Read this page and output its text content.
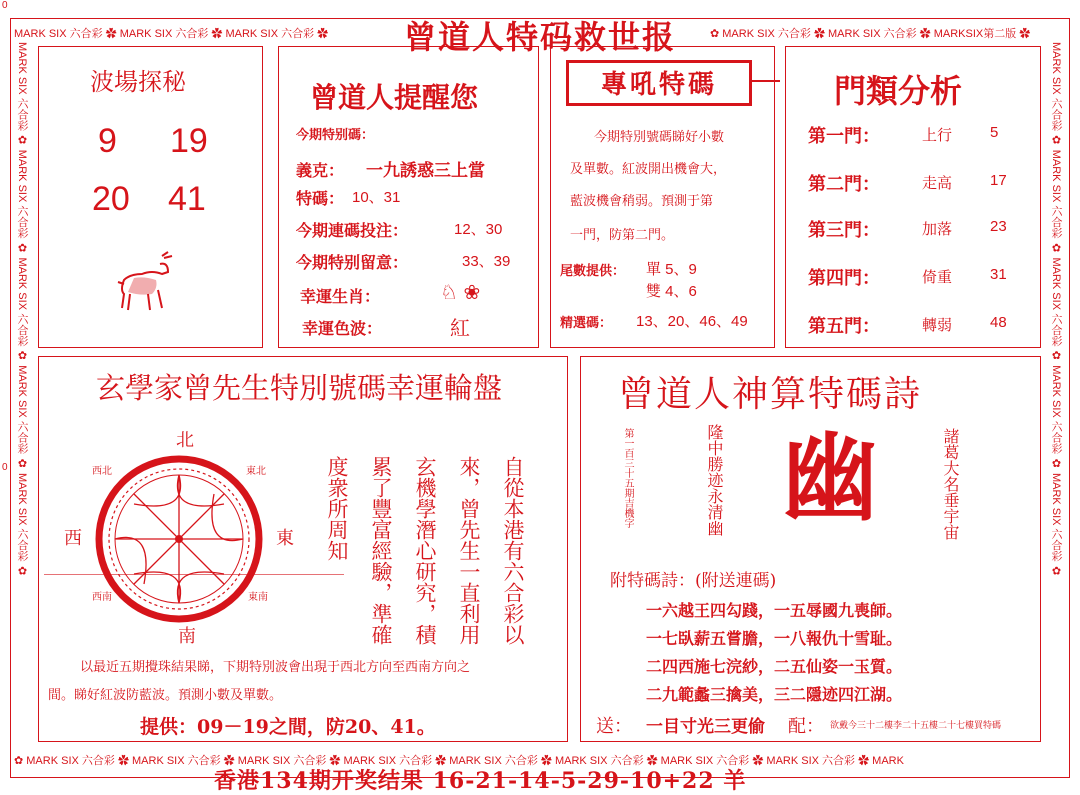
0
0
MARK SIX 六合彩 ✿ MARK SIX 六合彩 ✿ MARK SIX 六合彩 ✿	✿ MARK SIX 六合彩 ✿ MARK SIX 六合彩 ✿ MARKSIX第二版 ✿
曾道人特码救世报
MARK SIX 六合彩 ✿ MARK SIX 六合彩 ✿ MARK SIX 六合彩 ✿ MARK SIX 六合彩 ✿ MARK SIX 六合彩 ✿	MARK SIX 六合彩 ✿ MARK SIX 六合彩 ✿ MARK SIX 六合彩 ✿ MARK SIX 六合彩 ✿ MARK SIX 六合彩 ✿
✿ MARK SIX 六合彩 ✿ MARK SIX 六合彩 ✿ MARK SIX 六合彩 ✿ MARK SIX 六合彩 ✿ MARK SIX 六合彩 ✿ MARK SIX 六合彩 ✿ MARK SIX 六合彩 ✿ MARK SIX 六合彩 ✿ MARK
波場探秘
9 19
20 41
曾道人提醒您
今期特别碼：
義克： 一九誘惑三上當
特碼： 10、31
今期連碼投注：	12、30
今期特别留意：	33、39
幸運生肖：	♘ ❀
幸運色波：	紅
專吼特碼
今期特別號碼睇好小數
及單數。紅波開出機會大，
藍波機會稍弱。預測于第
一門，防第二門。
尾數提供： 單 5、9
雙 4、6
精選碼： 13、20、46、49
門類分析
第一門：	上行	5
第二門：	走高	17
第三門：	加落	23
第四門：	倚重	31
第五門：	轉弱	48
玄學家曾先生特別號碼幸運輪盤
北
南
東
西
西北	東北
西南	東南	自從本港有六合彩以
來，曾先生一直利用
玄機學潛心研究，積
累了豐富經驗，準確
度衆所周知
以最近五期攪珠結果睇，下期特別波會出現于西北方向至西南方向之
間。睇好紅波防藍波。預測小數及單數。
提供：09－19之間，防20、41。
曾道人神算特碼詩
第一百三十五期吉機字	隆中勝迹永清幽	諸葛大名垂宇宙
幽
附特碼詩：(附送連碼)
一六越王四勾踐，一五辱國九喪師。
一七臥薪五嘗膽，一八報仇十雪耻。
二四西施七浣紗，二五仙姿一玉質。
二九範蠡三擒美，三二隱迹四江湖。
送： 一目寸光三更偷 配： 欲戴今三十二樓李二十五樓二十七樓買特碼
香港134期开奖结果 16-21-14-5-29-10+22 羊
